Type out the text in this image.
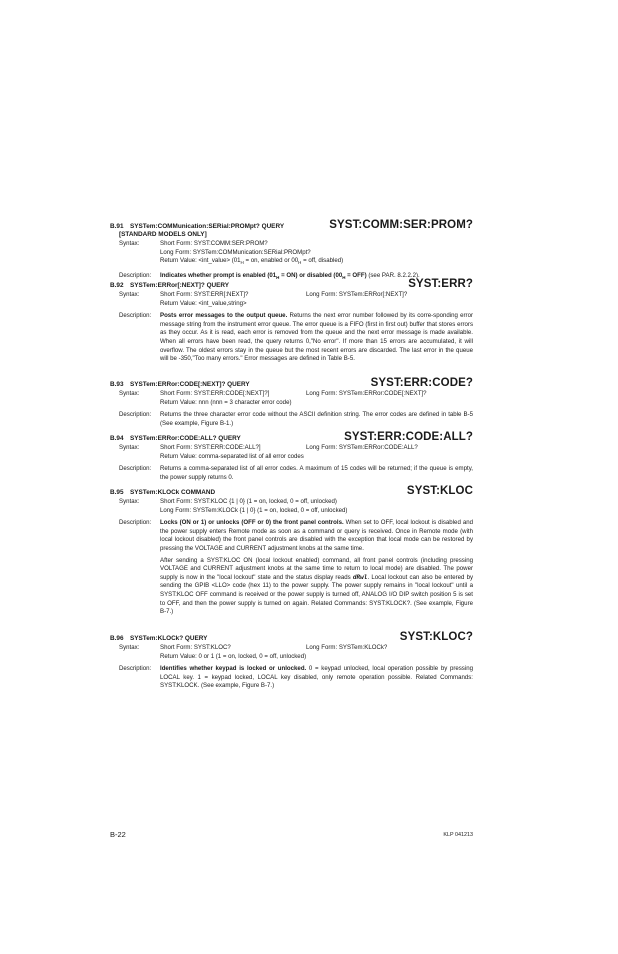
B.91 SYSTem:COMMunication:SERial:PROMpt? QUERY	SYST:COMM:SER:PROM?
[STANDARD MODELS ONLY]
Syntax:	Short Form: SYST:COMM:SER:PROM?
Long Form: SYSTem:COMMunication:SERial:PROMpt?
Return Value: <int_value> ($01_H$ = on, enabled or $00_H$ = off, disabled)
Description: Indicates whether prompt is enabled $(01_H = ON)$ or disabled $(00_H = OFF)$ (see PAR. 8.2.2.2).
B.92 SYSTem:ERRor[:NEXT]? QUERY	SYST:ERR?
Syntax:	Short Form: SYST:ERR[:NEXT]?	Long Form: SYSTem:ERRor[:NEXT]?
Return Value: <int_value,string>
Description: Posts error messages to the output queue. Returns the next error number followed by its corre-sponding error message string from the instrument error queue. The error queue is a FIFO (first in first out) buffer that stores errors as they occur. As it is read, each error is removed from the queue and the next error message is made available. When all errors have been read, the query returns 0,"No error". If more than 15 errors are accumulated, it will overflow. The oldest errors stay in the queue but the most recent errors are discarded. The last error in the queue will be -350,"Too many errors." Error messages are defined in Table B-5.
B.93 SYSTem:ERRor:CODE[:NEXT]? QUERY	SYST:ERR:CODE?
Syntax:	Short Form: SYST:ERR:CODE[:NEXT]?]	Long Form: SYSTem:ERRor:CODE[:NEXT]?
Return Value: nnn (nnn = 3 character error code)
Description: Returns the three character error code without the ASCII definition string. The error codes are defined in table B-5 (See example, Figure B-1.)
B.94 SYSTem:ERRor:CODE:ALL? QUERY	SYST:ERR:CODE:ALL?
Syntax:	Short Form: SYST:ERR:CODE:ALL?]	Long Form: SYSTem:ERRor:CODE:ALL?
Return Value: comma-separated list of all error codes
Description: Returns a comma-separated list of all error codes. A maximum of 15 codes will be returned; if the queue is empty, the power supply returns 0.
B.95 SYSTem:KLOCk COMMAND	SYST:KLOC
Syntax:	Short Form: SYST:KLOC {1 | 0} (1 = on, locked, 0 = off, unlocked)
Long Form: SYSTem:KLOCk {1 | 0} (1 = on, locked, 0 = off, unlocked)
Description: Locks (ON or 1) or unlocks (OFF or 0) the front panel controls. When set to OFF, local lockout is disabled and the power supply enters Remote mode as soon as a command or query is received. Once in Remote mode (with local lockout disabled) the front panel controls are disabled with the exception that local mode can be restored by pressing the VOLTAGE and CURRENT adjustment knobs at the same time.
After sending a SYST:KLOC ON (local lockout enabled) command, all front panel controls (including pressing VOLTAGE and CURRENT adjustment knobs at the same time to return to local mode) are disabled. The power supply is now in the "local lockout" state and the status display reads dRwl. Local lockout can also be entered by sending the GPIB <LLO> code (hex 11) to the power supply. The power supply remains in "local lockout" until a SYST:KLOC OFF command is received or the power supply is turned off, ANALOG I/O DIP switch position 5 is set to OFF, and then the power supply is turned on again. Related Commands: SYST:KLOCK?. (See example, Figure B-7.)
B.96 SYSTem:KLOCk? QUERY	SYST:KLOC?
Syntax:	Short Form: SYST:KLOC?	Long Form: SYSTem:KLOCk?
Return Value: 0 or 1 (1 = on, locked, 0 = off, unlocked)
Description: Identifies whether keypad is locked or unlocked. 0 = keypad unlocked, local operation possible by pressing LOCAL key. 1 = keypad locked, LOCAL key disabled, only remote operation possible. Related Commands: SYST:KLOCK. (See example, Figure B-7.)
B-22	KLP 041213
